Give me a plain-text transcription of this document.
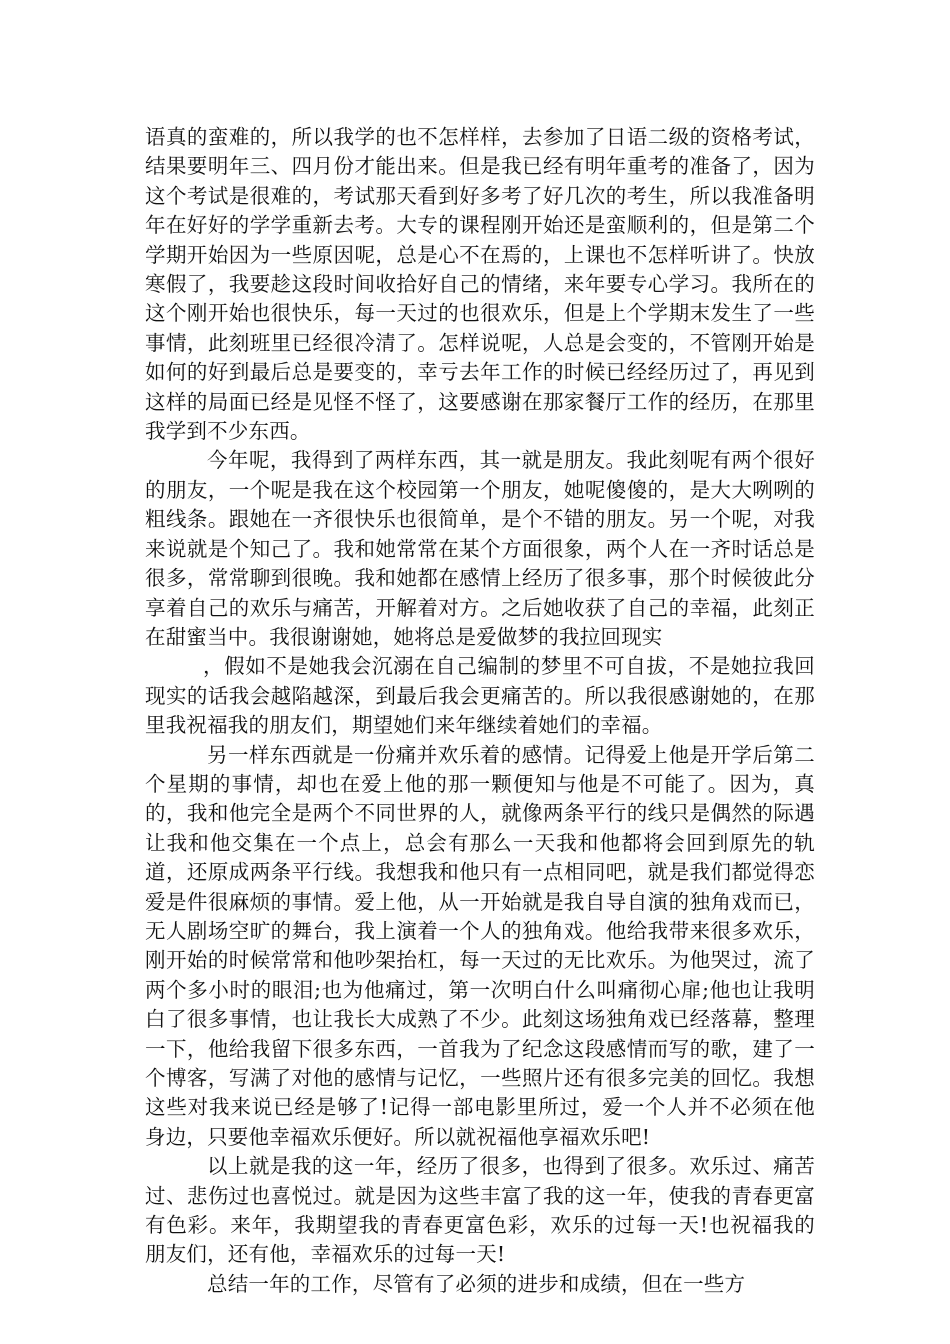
语真的蛮难的，所以我学的也不怎样样，去参加了日语二级的资格考试，结果要明年三、四月份才能出来。但是我已经有明年重考的准备了，因为这个考试是很难的，考试那天看到好多考了好几次的考生，所以我准备明年在好好的学学重新去考。大专的课程刚开始还是蛮顺利的，但是第二个学期开始因为一些原因呢，总是心不在焉的，上课也不怎样听讲了。快放寒假了，我要趁这段时间收拾好自己的情绪，来年要专心学习。我所在的这个刚开始也很快乐，每一天过的也很欢乐，但是上个学期末发生了一些事情，此刻班里已经很冷清了。怎样说呢，人总是会变的，不管刚开始是如何的好到最后总是要变的，幸亏去年工作的时候已经经历过了，再见到这样的局面已经是见怪不怪了，这要感谢在那家餐厅工作的经历，在那里我学到不少东西。

今年呢，我得到了两样东西，其一就是朋友。我此刻呢有两个很好的朋友，一个呢是我在这个校园第一个朋友，她呢傻傻的，是大大咧咧的粗线条。跟她在一齐很快乐也很简单，是个不错的朋友。另一个呢，对我来说就是个知己了。我和她常常在某个方面很象，两个人在一齐时话总是很多，常常聊到很晚。我和她都在感情上经历了很多事，那个时候彼此分享着自己的欢乐与痛苦，开解着对方。之后她收获了自己的幸福，此刻正在甜蜜当中。我很谢谢她，她将总是爱做梦的我拉回现实

，假如不是她我会沉溺在自己编制的梦里不可自拔，不是她拉我回现实的话我会越陷越深，到最后我会更痛苦的。所以我很感谢她的，在那里我祝福我的朋友们，期望她们来年继续着她们的幸福。

另一样东西就是一份痛并欢乐着的感情。记得爱上他是开学后第二个星期的事情，却也在爱上他的那一颗便知与他是不可能了。因为，真的，我和他完全是两个不同世界的人，就像两条平行的线只是偶然的际遇让我和他交集在一个点上，总会有那么一天我和他都将会回到原先的轨道，还原成两条平行线。我想我和他只有一点相同吧，就是我们都觉得恋爱是件很麻烦的事情。爱上他，从一开始就是我自导自演的独角戏而已，无人剧场空旷的舞台，我上演着一个人的独角戏。他给我带来很多欢乐，刚开始的时候常常和他吵架抬杠，每一天过的无比欢乐。为他哭过，流了两个多小时的眼泪;也为他痛过，第一次明白什么叫痛彻心扉;他也让我明白了很多事情，也让我长大成熟了不少。此刻这场独角戏已经落幕，整理一下，他给我留下很多东西，一首我为了纪念这段感情而写的歌，建了一个博客，写满了对他的感情与记忆，一些照片还有很多完美的回忆。我想这些对我来说已经是够了!记得一部电影里所过，爱一个人并不必须在他身边，只要他幸福欢乐便好。所以就祝福他享福欢乐吧!

以上就是我的这一年，经历了很多，也得到了很多。欢乐过、痛苦过、悲伤过也喜悦过。就是因为这些丰富了我的这一年，使我的青春更富有色彩。来年，我期望我的青春更富色彩，欢乐的过每一天!也祝福我的朋友们，还有他，幸福欢乐的过每一天!

总结一年的工作，尽管有了必须的进步和成绩，但在一些方
